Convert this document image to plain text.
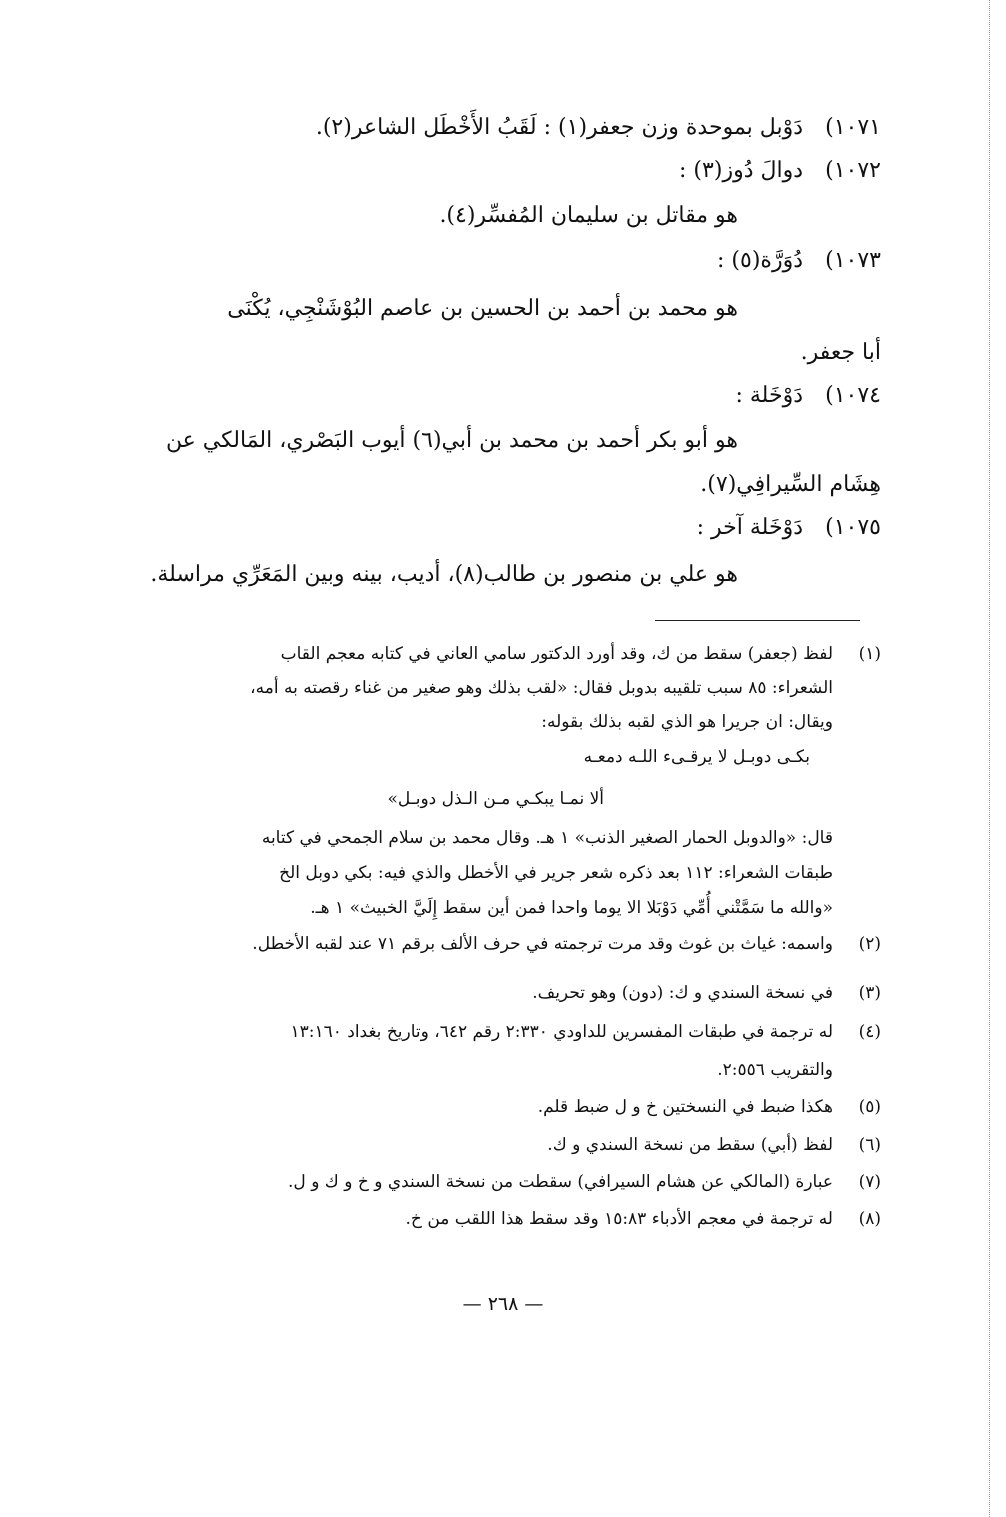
١٠٧١)دَوْبل بموحدة وزن جعفر(١) : لَقَبُ الأَخْطَل الشاعر(٢).
١٠٧٢)دوالَ دُوز(٣) :
هو مقاتل بن سليمان المُفسِّر(٤).
١٠٧٣)دُوَرَّة(٥) :
هو محمد بن أحمد بن الحسين بن عاصم البُوْشَنْجِي، يُكْنَى
أبا جعفر.
١٠٧٤)دَوْخَلة :
هو أبو بكر أحمد بن محمد بن أبي(٦) أيوب البَصْري، المَالكي عن
هِشَام السِّيرافِي(٧).
١٠٧٥)دَوْخَلة آخر :
هو علي بن منصور بن طالب(٨)، أديب، بينه وبين المَعَرِّي مراسلة.
(١)لفظ (جعفر) سقط من ك، وقد أورد الدكتور سامي العاني في كتابه معجم القاب
الشعراء: ٨٥ سبب تلقيبه بدوبل فقال: «لقب بذلك وهو صغير من غناء رقصته به أمه،
ويقال: ان جريرا هو الذي لقبه بذلك بقوله:
بكـى دوبـل لا يرقـىء اللـه دمعـه
ألا نمـا يبكـي مـن الـذل دوبـل»
قال: «والدوبل الحمار الصغير الذنب» ١ هـ. وقال محمد بن سلام الجمحي في كتابه
طبقات الشعراء: ١١٢ بعد ذكره شعر جرير في الأخطل والذي فيه: بكي دوبل الخ
«والله ما سَمَّتْني أُمِّي دَوْبَلا الا يوما واحدا فمن أين سقط إِلَيَّ الخبيث» ١ هـ.
(٢)واسمه: غياث بن غوث وقد مرت ترجمته في حرف الألف برقم ٧١ عند لقبه الأخطل.
(٣)في نسخة السندي و ك: (دون) وهو تحريف.
(٤)له ترجمة في طبقات المفسرين للداودي ٢:٣٣٠ رقم ٦٤٢، وتاريخ بغداد ١٣:١٦٠
والتقريب ٢:٥٥٦.
(٥)هكذا ضبط في النسختين خ و ل ضبط قلم.
(٦)لفظ (أبي) سقط من نسخة السندي و ك.
(٧)عبارة (المالكي عن هشام السيرافي) سقطت من نسخة السندي و خ و ك و ل.
(٨)له ترجمة في معجم الأدباء ١٥:٨٣ وقد سقط هذا اللقب من خ.
— ٢٦٨ —
